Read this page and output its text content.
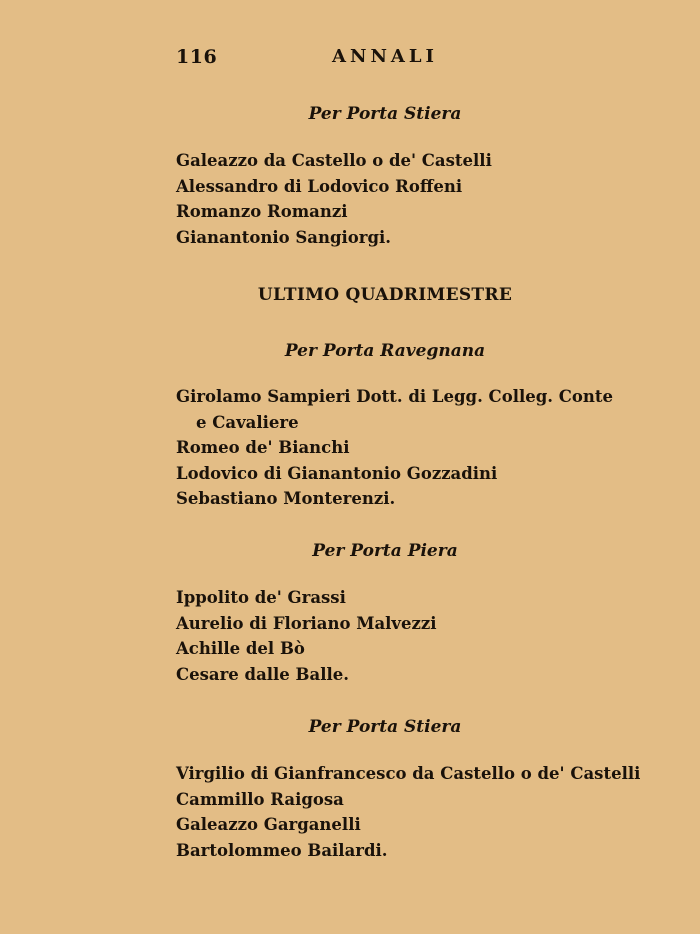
116	ANNALI
Per Porta Stiera
Galeazzo da Castello o de' Castelli
Alessandro di Lodovico Roffeni
Romanzo Romanzi
Gianantonio Sangiorgi.
ULTIMO QUADRIMESTRE
Per Porta Ravegnana
Girolamo Sampieri Dott. di Legg. Colleg. Conte
e Cavaliere
Romeo de' Bianchi
Lodovico di Gianantonio Gozzadini
Sebastiano Monterenzi.
Per Porta Piera
Ippolito de' Grassi
Aurelio di Floriano Malvezzi
Achille del Bò
Cesare dalle Balle.
Per Porta Stiera
Virgilio di Gianfrancesco da Castello o de' Castelli
Cammillo Raigosa
Galeazzo Garganelli
Bartolommeo Bailardi.
